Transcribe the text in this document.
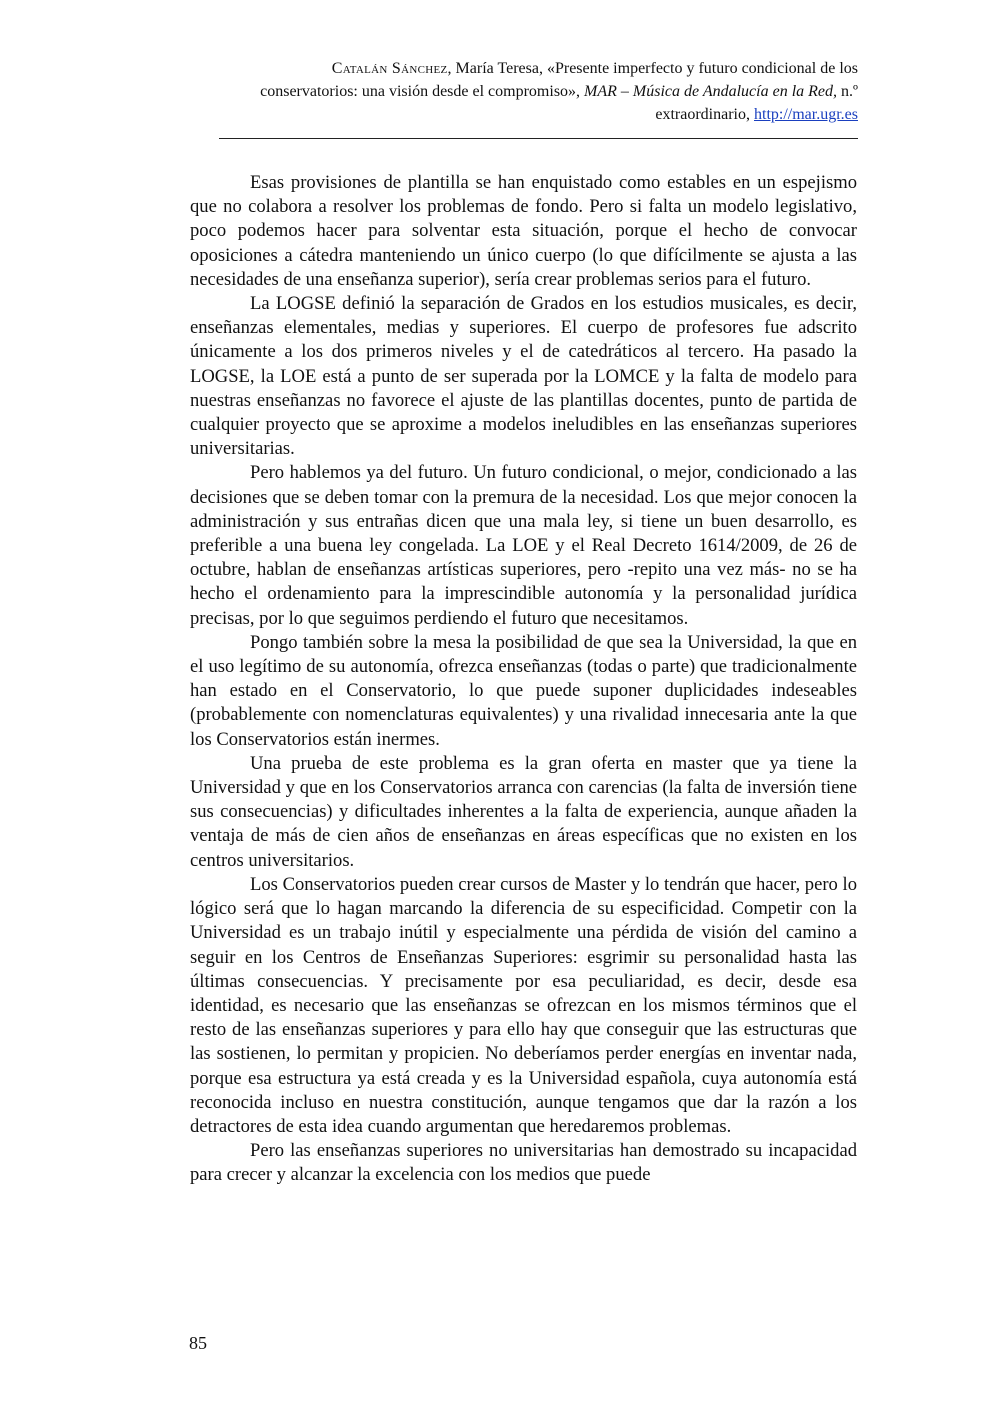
Catalán Sánchez, María Teresa, «Presente imperfecto y futuro condicional de los conservatorios: una visión desde el compromiso», MAR – Música de Andalucía en la Red, n.º extraordinario, http://mar.ugr.es

Esas provisiones de plantilla se han enquistado como estables en un espejismo que no colabora a resolver los problemas de fondo. Pero si falta un modelo legislativo, poco podemos hacer para solventar esta situación, porque el hecho de convocar oposiciones a cátedra manteniendo un único cuerpo (lo que difícilmente se ajusta a las necesidades de una enseñanza superior), sería crear problemas serios para el futuro.

La LOGSE definió la separación de Grados en los estudios musicales, es decir, enseñanzas elementales, medias y superiores. El cuerpo de profesores fue adscrito únicamente a los dos primeros niveles y el de catedráticos al tercero. Ha pasado la LOGSE, la LOE está a punto de ser superada por la LOMCE y la falta de modelo para nuestras enseñanzas no favorece el ajuste de las plantillas docentes, punto de partida de cualquier proyecto que se aproxime a modelos ineludibles en las enseñanzas superiores universitarias.

Pero hablemos ya del futuro. Un futuro condicional, o mejor, condicionado a las decisiones que se deben tomar con la premura de la necesidad. Los que mejor conocen la administración y sus entrañas dicen que una mala ley, si tiene un buen desarrollo, es preferible a una buena ley congelada. La LOE y el Real Decreto 1614/2009, de 26 de octubre, hablan de enseñanzas artísticas superiores, pero -repito una vez más- no se ha hecho el ordenamiento para la imprescindible autonomía y la personalidad jurídica precisas, por lo que seguimos perdiendo el futuro que necesitamos.

Pongo también sobre la mesa la posibilidad de que sea la Universidad, la que en el uso legítimo de su autonomía, ofrezca enseñanzas (todas o parte) que tradicionalmente han estado en el Conservatorio, lo que puede suponer duplicidades indeseables (probablemente con nomenclaturas equivalentes) y una rivalidad innecesaria ante la que los Conservatorios están inermes.

Una prueba de este problema es la gran oferta en master que ya tiene la Universidad y que en los Conservatorios arranca con carencias (la falta de inversión tiene sus consecuencias) y dificultades inherentes a la falta de experiencia, aunque añaden la ventaja de más de cien años de enseñanzas en áreas específicas que no existen en los centros universitarios.

Los Conservatorios pueden crear cursos de Master y lo tendrán que hacer, pero lo lógico será que lo hagan marcando la diferencia de su especificidad. Competir con la Universidad es un trabajo inútil y especialmente una pérdida de visión del camino a seguir en los Centros de Enseñanzas Superiores: esgrimir su personalidad hasta las últimas consecuencias. Y precisamente por esa peculiaridad, es decir, desde esa identidad, es necesario que las enseñanzas se ofrezcan en los mismos términos que el resto de las enseñanzas superiores y para ello hay que conseguir que las estructuras que las sostienen, lo permitan y propicien. No deberíamos perder energías en inventar nada, porque esa estructura ya está creada y es la Universidad española, cuya autonomía está reconocida incluso en nuestra constitución, aunque tengamos que dar la razón a los detractores de esta idea cuando argumentan que heredaremos problemas.

Pero las enseñanzas superiores no universitarias han demostrado su incapacidad para crecer y alcanzar la excelencia con los medios que puede

85
